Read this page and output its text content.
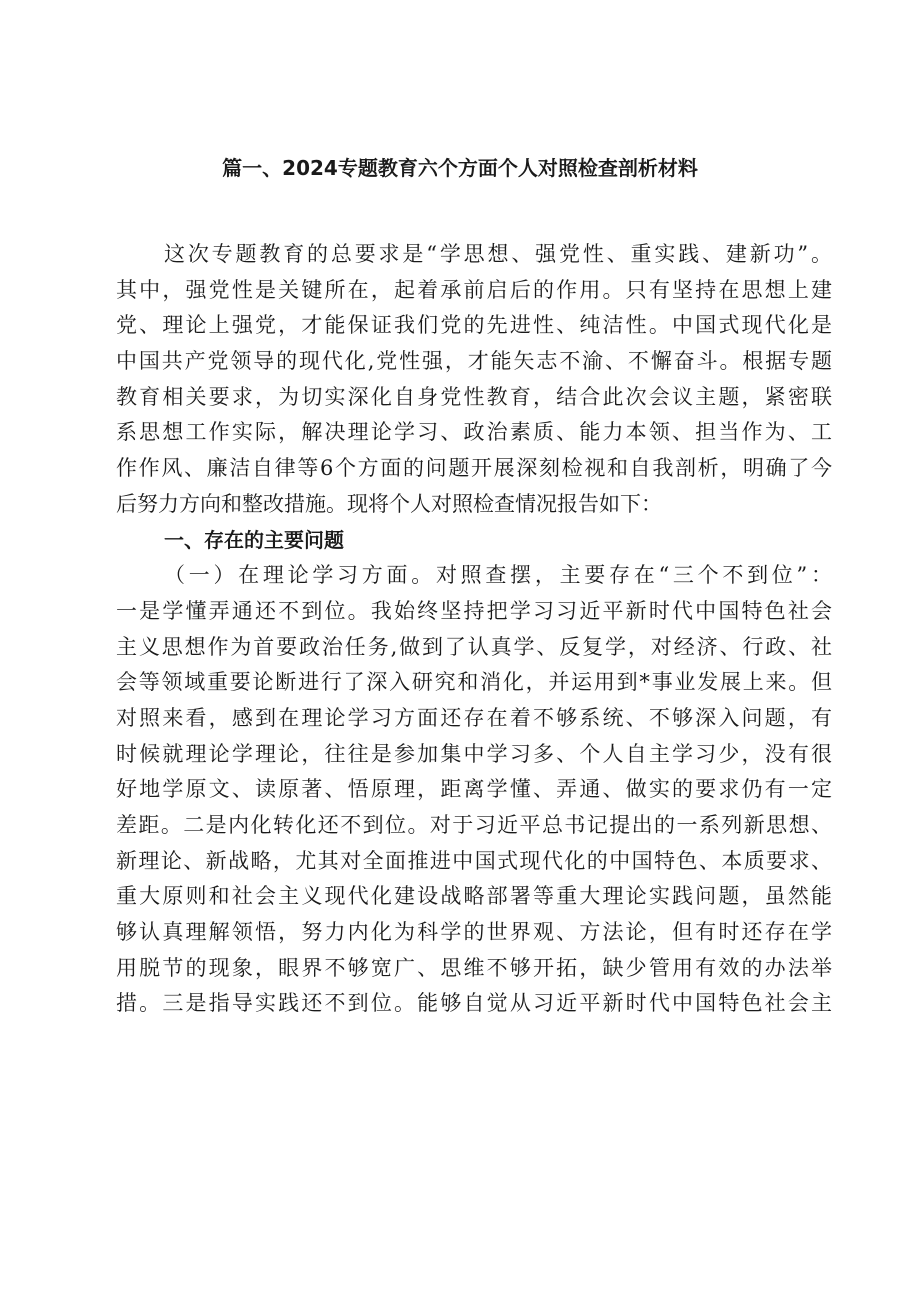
篇一、2024专题教育六个方面个人对照检查剖析材料
这次专题教育的总要求是“学思想、强党性、重实践、建新功”。
其中，强党性是关键所在，起着承前启后的作用。只有坚持在思想上建
党、理论上强党，才能保证我们党的先进性、纯洁性。中国式现代化是
中国共产党领导的现代化,党性强，才能矢志不渝、不懈奋斗。根据专题
教育相关要求，为切实深化自身党性教育，结合此次会议主题，紧密联
系思想工作实际，解决理论学习、政治素质、能力本领、担当作为、工
作作风、廉洁自律等6个方面的问题开展深刻检视和自我剖析，明确了今
后努力方向和整改措施。现将个人对照检查情况报告如下：
一、存在的主要问题
（一）在理论学习方面。对照查摆，主要存在“三个不到位”：
一是学懂弄通还不到位。我始终坚持把学习习近平新时代中国特色社会
主义思想作为首要政治任务,做到了认真学、反复学，对经济、行政、社
会等领域重要论断进行了深入研究和消化，并运用到*事业发展上来。但
对照来看，感到在理论学习方面还存在着不够系统、不够深入问题，有
时候就理论学理论，往往是参加集中学习多、个人自主学习少，没有很
好地学原文、读原著、悟原理，距离学懂、弄通、做实的要求仍有一定
差距。二是内化转化还不到位。对于习近平总书记提出的一系列新思想、
新理论、新战略，尤其对全面推进中国式现代化的中国特色、本质要求、
重大原则和社会主义现代化建设战略部署等重大理论实践问题，虽然能
够认真理解领悟，努力内化为科学的世界观、方法论，但有时还存在学
用脱节的现象，眼界不够宽广、思维不够开拓，缺少管用有效的办法举
措。三是指导实践还不到位。能够自觉从习近平新时代中国特色社会主
